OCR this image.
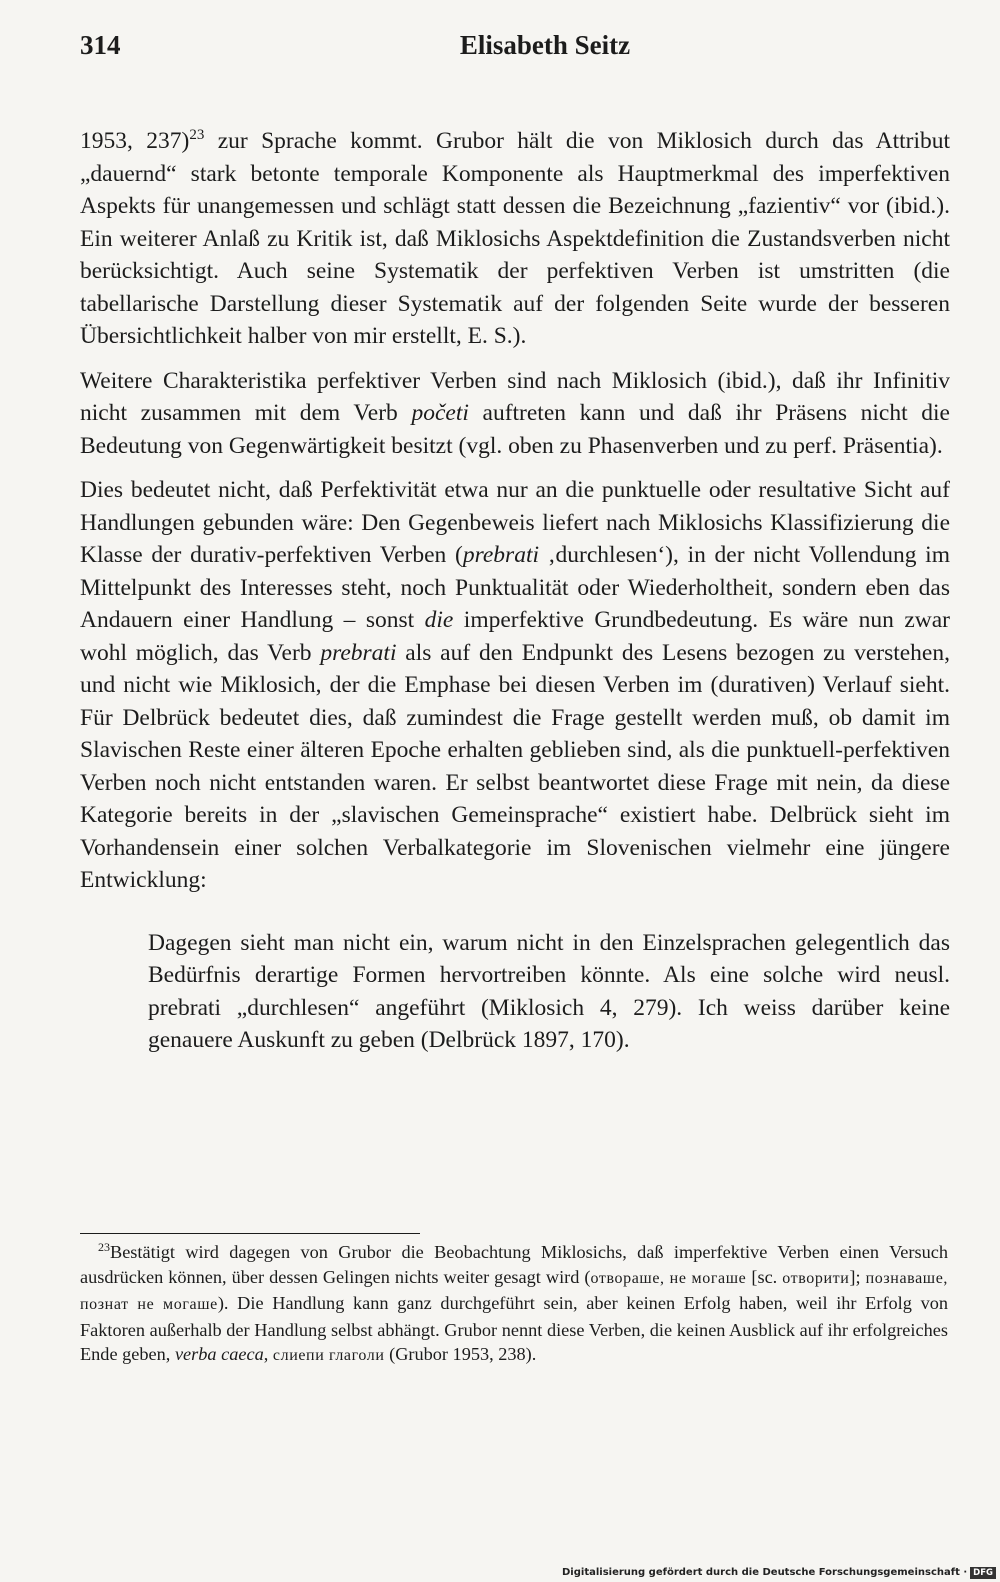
314	Elisabeth Seitz

1953, 237)$^{23}$ zur Sprache kommt. Grubor hält die von Miklosich durch das Attribut „dauernd“ stark betonte temporale Komponente als Hauptmerkmal des imperfektiven Aspekts für unangemessen und schlägt statt dessen die Bezeichnung „fazientiv“ vor (ibid.). Ein weiterer Anlaß zu Kritik ist, daß Miklosichs Aspektdefinition die Zustandsverben nicht berücksichtigt. Auch seine Systematik der perfektiven Verben ist umstritten (die tabellarische Darstellung dieser Systematik auf der folgenden Seite wurde der besseren Übersichtlichkeit halber von mir erstellt, E. S.).

Weitere Charakteristika perfektiver Verben sind nach Miklosich (ibid.), daß ihr Infinitiv nicht zusammen mit dem Verb početi auftreten kann und daß ihr Präsens nicht die Bedeutung von Gegenwärtigkeit besitzt (vgl. oben zu Phasenverben und zu perf. Präsentia).

Dies bedeutet nicht, daß Perfektivität etwa nur an die punktuelle oder resultative Sicht auf Handlungen gebunden wäre: Den Gegenbeweis liefert nach Miklosichs Klassifizierung die Klasse der durativ-perfektiven Verben (prebrati ‚durchlesen‘), in der nicht Vollendung im Mittelpunkt des Interesses steht, noch Punktualität oder Wiederholtheit, sondern eben das Andauern einer Handlung – sonst die imperfektive Grundbedeutung. Es wäre nun zwar wohl möglich, das Verb prebrati als auf den Endpunkt des Lesens bezogen zu verstehen, und nicht wie Miklosich, der die Emphase bei diesen Verben im (durativen) Verlauf sieht. Für Delbrück bedeutet dies, daß zumindest die Frage gestellt werden muß, ob damit im Slavischen Reste einer älteren Epoche erhalten geblieben sind, als die punktuell-perfektiven Verben noch nicht entstanden waren. Er selbst beantwortet diese Frage mit nein, da diese Kategorie bereits in der „slavischen Gemeinsprache“ existiert habe. Delbrück sieht im Vorhandensein einer solchen Verbalkategorie im Slovenischen vielmehr eine jüngere Entwicklung:

Dagegen sieht man nicht ein, warum nicht in den Einzelsprachen gelegentlich das Bedürfnis derartige Formen hervortreiben könnte. Als eine solche wird neusl. prebrati „durchlesen“ angeführt (Miklosich 4, 279). Ich weiss darüber keine genauere Auskunft zu geben (Delbrück 1897, 170).

$^{23}$Bestätigt wird dagegen von Grubor die Beobachtung Miklosichs, daß imperfektive Verben einen Versuch ausdrücken können, über dessen Gelingen nichts weiter gesagt wird (отвораше, не могаше [sc. отворити]; познаваше, познат не могаше). Die Handlung kann ganz durchgeführt sein, aber keinen Erfolg haben, weil ihr Erfolg von Faktoren außerhalb der Handlung selbst abhängt. Grubor nennt diese Verben, die keinen Ausblick auf ihr erfolgreiches Ende geben, verba caeca, слиепи глаголи (Grubor 1953, 238).

Digitalisierung gefördert durch die Deutsche Forschungsgemeinschaft · DFG
